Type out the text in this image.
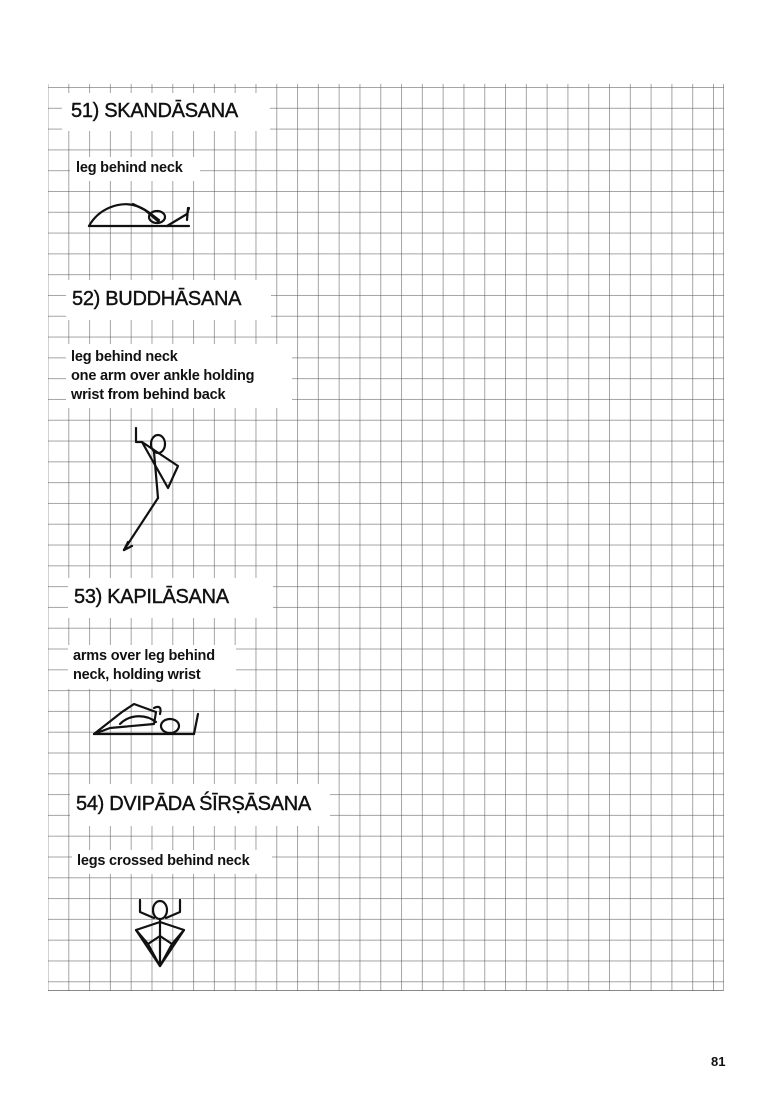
51) SKANDĀSANA
leg behind neck
52) BUDDHĀSANA
leg behind neck
one arm over ankle holding
wrist from behind back
53) KAPILĀSANA
arms over leg behind
neck, holding wrist
54) DVIPĀDA ŚĪRṢĀSANA
legs crossed behind neck
81
